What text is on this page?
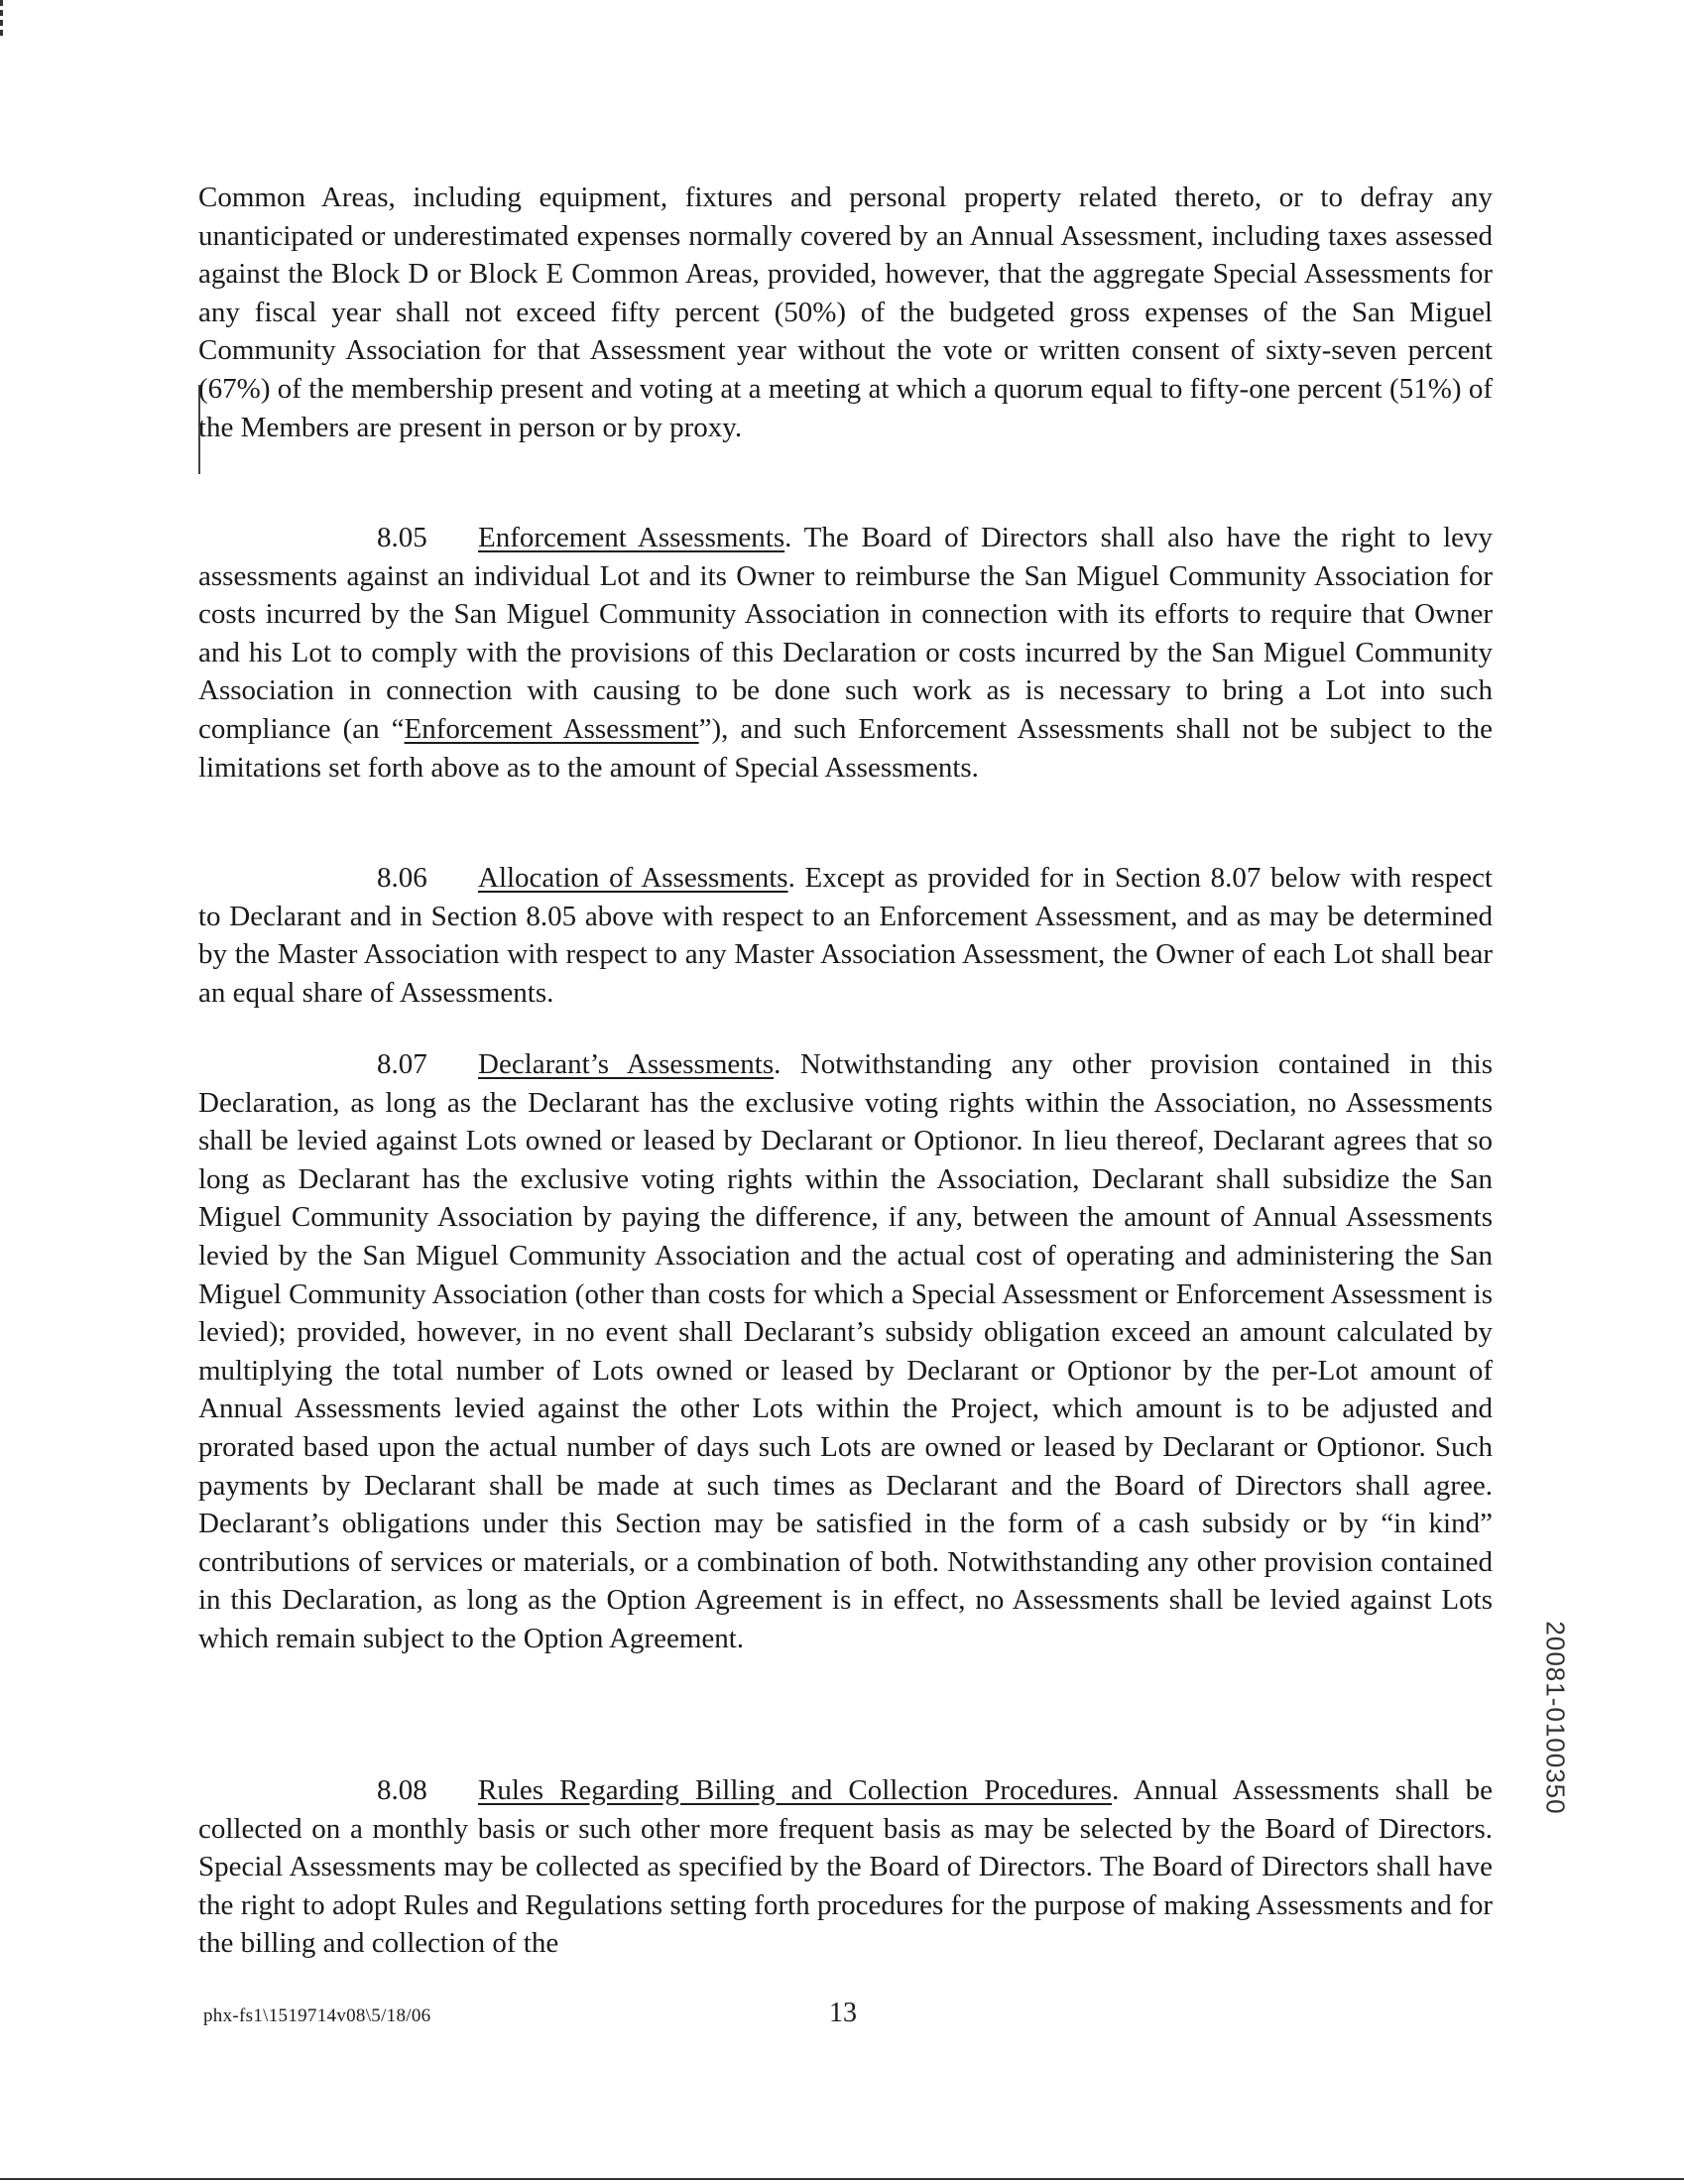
Common Areas, including equipment, fixtures and personal property related thereto, or to defray any unanticipated or underestimated expenses normally covered by an Annual Assessment, including taxes assessed against the Block D or Block E Common Areas, provided, however, that the aggregate Special Assessments for any fiscal year shall not exceed fifty percent (50%) of the budgeted gross expenses of the San Miguel Community Association for that Assessment year without the vote or written consent of sixty-seven percent (67%) of the membership present and voting at a meeting at which a quorum equal to fifty-one percent (51%) of the Members are present in person or by proxy.

8.05 Enforcement Assessments. The Board of Directors shall also have the right to levy assessments against an individual Lot and its Owner to reimburse the San Miguel Community Association for costs incurred by the San Miguel Community Association in connection with its efforts to require that Owner and his Lot to comply with the provisions of this Declaration or costs incurred by the San Miguel Community Association in connection with causing to be done such work as is necessary to bring a Lot into such compliance (an “Enforcement Assessment”), and such Enforcement Assessments shall not be subject to the limitations set forth above as to the amount of Special Assessments.

8.06 Allocation of Assessments. Except as provided for in Section 8.07 below with respect to Declarant and in Section 8.05 above with respect to an Enforcement Assessment, and as may be determined by the Master Association with respect to any Master Association Assessment, the Owner of each Lot shall bear an equal share of Assessments.

8.07 Declarant’s Assessments. Notwithstanding any other provision contained in this Declaration, as long as the Declarant has the exclusive voting rights within the Association, no Assessments shall be levied against Lots owned or leased by Declarant or Optionor. In lieu thereof, Declarant agrees that so long as Declarant has the exclusive voting rights within the Association, Declarant shall subsidize the San Miguel Community Association by paying the difference, if any, between the amount of Annual Assessments levied by the San Miguel Community Association and the actual cost of operating and administering the San Miguel Community Association (other than costs for which a Special Assessment or Enforcement Assessment is levied); provided, however, in no event shall Declarant’s subsidy obligation exceed an amount calculated by multiplying the total number of Lots owned or leased by Declarant or Optionor by the per-Lot amount of Annual Assessments levied against the other Lots within the Project, which amount is to be adjusted and prorated based upon the actual number of days such Lots are owned or leased by Declarant or Optionor. Such payments by Declarant shall be made at such times as Declarant and the Board of Directors shall agree. Declarant’s obligations under this Section may be satisfied in the form of a cash subsidy or by “in kind” contributions of services or materials, or a combination of both. Notwithstanding any other provision contained in this Declaration, as long as the Option Agreement is in effect, no Assessments shall be levied against Lots which remain subject to the Option Agreement.

8.08 Rules Regarding Billing and Collection Procedures. Annual Assessments shall be collected on a monthly basis or such other more frequent basis as may be selected by the Board of Directors. Special Assessments may be collected as specified by the Board of Directors. The Board of Directors shall have the right to adopt Rules and Regulations setting forth procedures for the purpose of making Assessments and for the billing and collection of the

20081-0100350
phx-fs1\1519714v08\5/18/06	13
